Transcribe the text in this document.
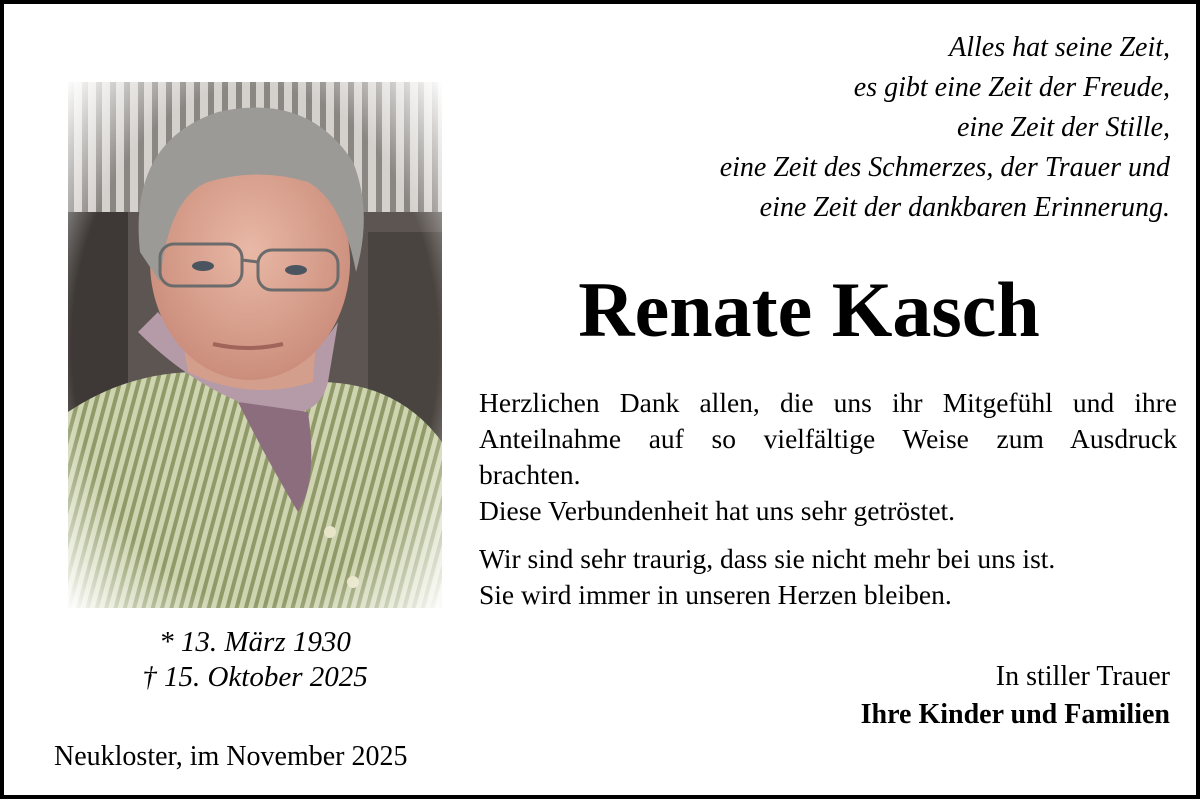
* 13. März 1930
† 15. Oktober 2025
Neukloster, im November 2025
Alles hat seine Zeit,
es gibt eine Zeit der Freude,
eine Zeit der Stille,
eine Zeit des Schmerzes, der Trauer und
eine Zeit der dankbaren Erinnerung.
Renate Kasch

Herzlichen Dank allen, die uns ihr Mitgefühl und ihre

Anteilnahme auf so vielfältige Weise zum Ausdruck

brachten.

Diese Verbundenheit hat uns sehr getröstet.

Wir sind sehr traurig, dass sie nicht mehr bei uns ist.

Sie wird immer in unseren Herzen bleiben.

In stiller Trauer
Ihre Kinder und Familien
